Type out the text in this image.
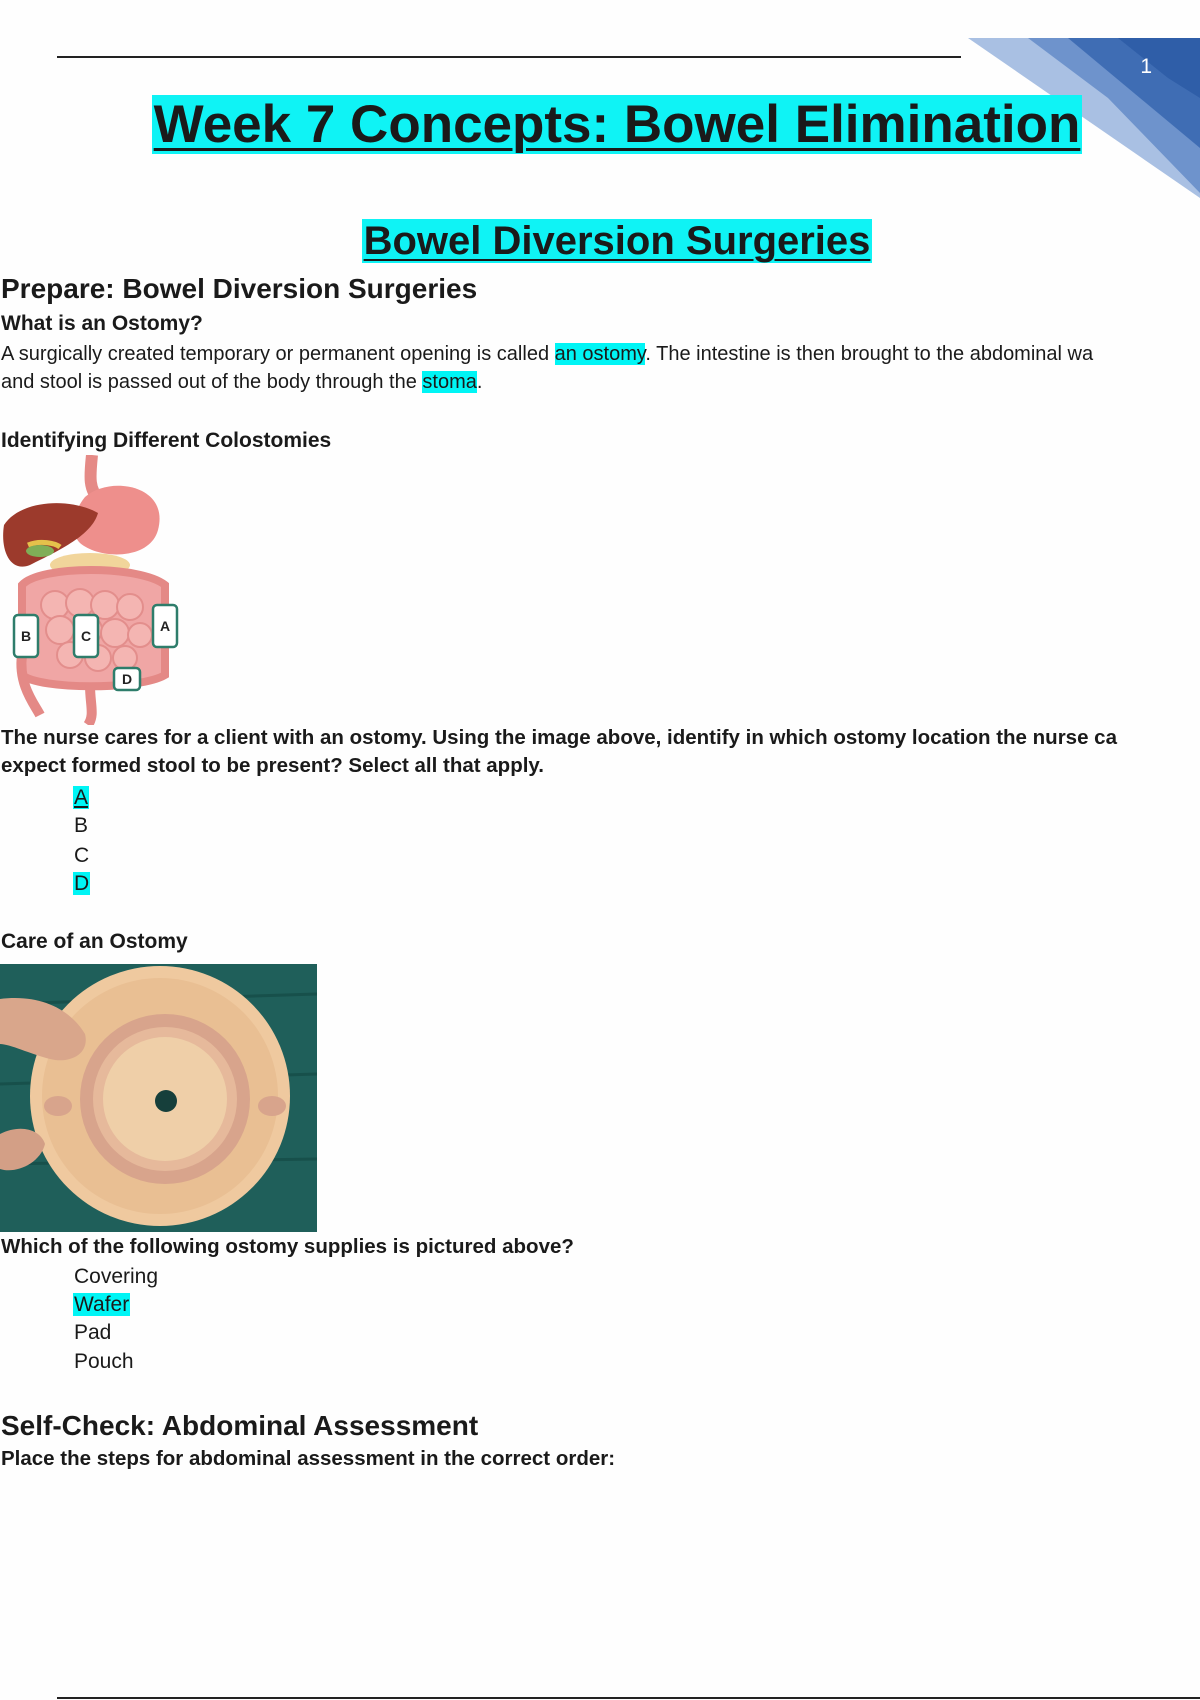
1
Week 7 Concepts: Bowel Elimination
Bowel Diversion Surgeries
Prepare: Bowel Diversion Surgeries
What is an Ostomy?
A surgically created temporary or permanent opening is called an ostomy. The intestine is then brought to the abdominal wa
and stool is passed out of the body through the stoma.
Identifying Different Colostomies
A
B	C
D
The nurse cares for a client with an ostomy. Using the image above, identify in which ostomy location the nurse ca
expect formed stool to be present? Select all that apply.
A
B
C
D
Care of an Ostomy
Which of the following ostomy supplies is pictured above?
Covering
Wafer
Pad
Pouch
Self-Check: Abdominal Assessment
Place the steps for abdominal assessment in the correct order:
